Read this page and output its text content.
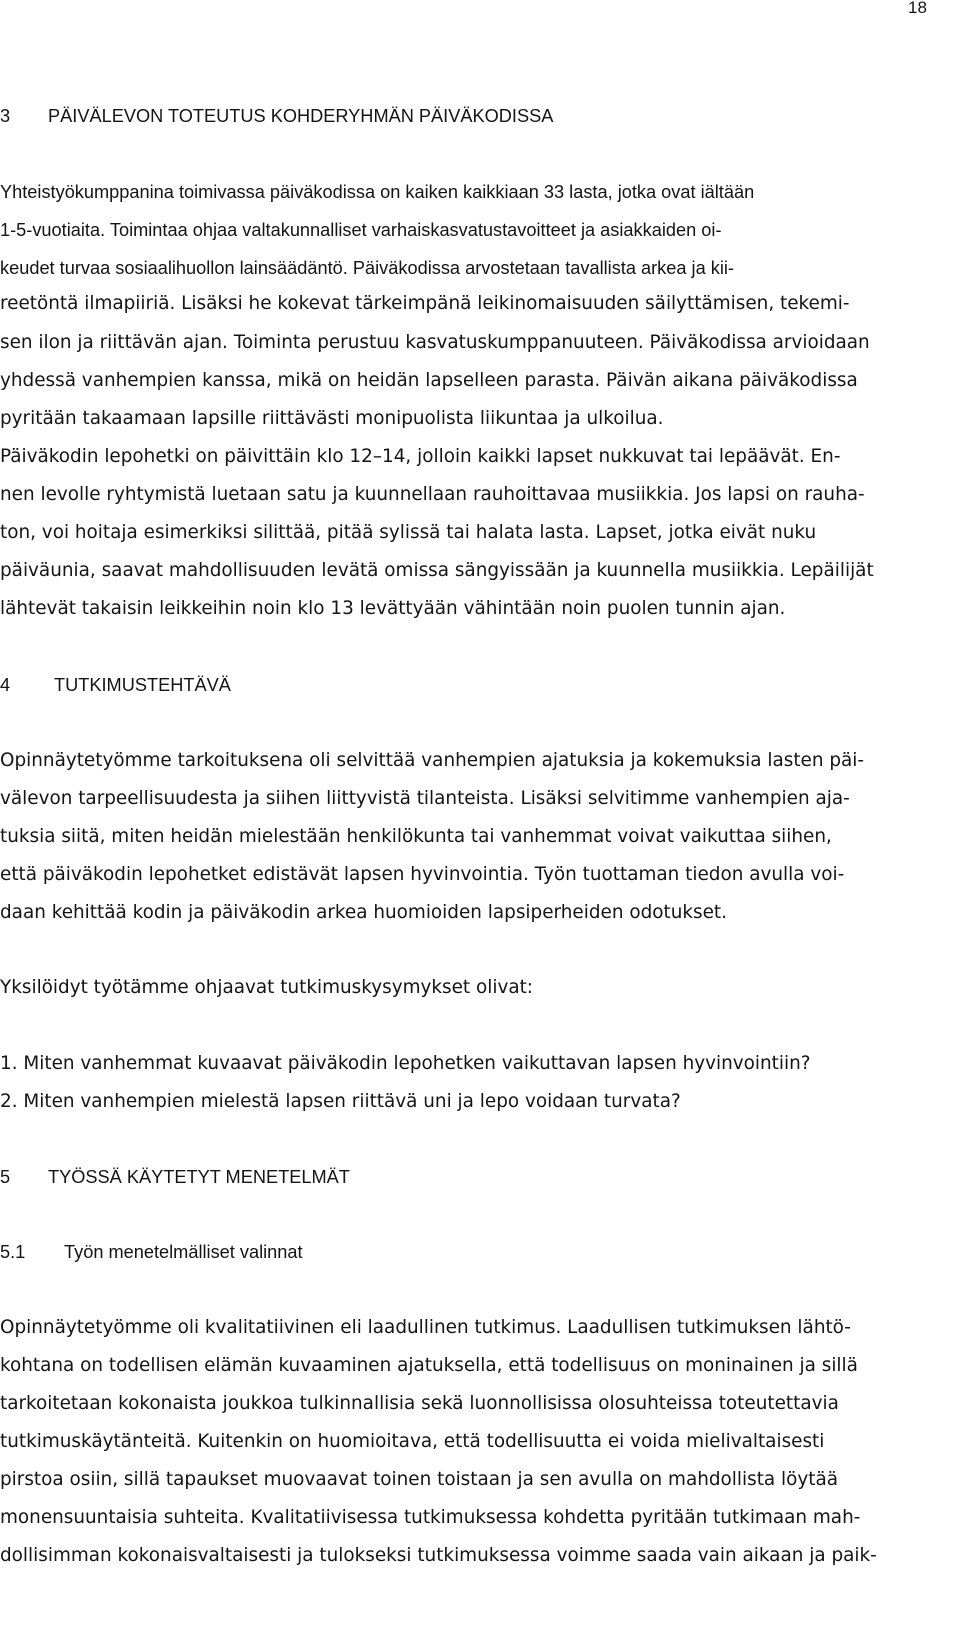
18
3 PÄIVÄLEVON TOTEUTUS KOHDERYHMÄN PÄIVÄKODISSA
Yhteistyökumppanina toimivassa päiväkodissa on kaiken kaikkiaan 33 lasta, jotka ovat iältään
1-5-vuotiaita. Toimintaa ohjaa valtakunnalliset varhaiskasvatustavoitteet ja asiakkaiden oi-
keudet turvaa sosiaalihuollon lainsäädäntö. Päiväkodissa arvostetaan tavallista arkea ja kii-
reetöntä ilmapiiriä. Lisäksi he kokevat tärkeimpänä leikinomaisuuden säilyttämisen, tekemi-
sen ilon ja riittävän ajan. Toiminta perustuu kasvatuskumppanuuteen. Päiväkodissa arvioidaan
yhdessä vanhempien kanssa, mikä on heidän lapselleen parasta. Päivän aikana päiväkodissa
pyritään takaamaan lapsille riittävästi monipuolista liikuntaa ja ulkoilua.
Päiväkodin lepohetki on päivittäin klo 12–14, jolloin kaikki lapset nukkuvat tai lepäävät. En-
nen levolle ryhtymistä luetaan satu ja kuunnellaan rauhoittavaa musiikkia. Jos lapsi on rauha-
ton, voi hoitaja esimerkiksi silittää, pitää sylissä tai halata lasta. Lapset, jotka eivät nuku
päiväunia, saavat mahdollisuuden levätä omissa sängyissään ja kuunnella musiikkia. Lepäilijät
lähtevät takaisin leikkeihin noin klo 13 levättyään vähintään noin puolen tunnin ajan.
4 TUTKIMUSTEHTÄVÄ
Opinnäytetyömme tarkoituksena oli selvittää vanhempien ajatuksia ja kokemuksia lasten päi-
välevon tarpeellisuudesta ja siihen liittyvistä tilanteista. Lisäksi selvitimme vanhempien aja-
tuksia siitä, miten heidän mielestään henkilökunta tai vanhemmat voivat vaikuttaa siihen,
että päiväkodin lepohetket edistävät lapsen hyvinvointia. Työn tuottaman tiedon avulla voi-
daan kehittää kodin ja päiväkodin arkea huomioiden lapsiperheiden odotukset.
Yksilöidyt työtämme ohjaavat tutkimuskysymykset olivat:
1. Miten vanhemmat kuvaavat päiväkodin lepohetken vaikuttavan lapsen hyvinvointiin?
2. Miten vanhempien mielestä lapsen riittävä uni ja lepo voidaan turvata?
5 TYÖSSÄ KÄYTETYT MENETELMÄT
5.1 Työn menetelmälliset valinnat
Opinnäytetyömme oli kvalitatiivinen eli laadullinen tutkimus. Laadullisen tutkimuksen lähtö-
kohtana on todellisen elämän kuvaaminen ajatuksella, että todellisuus on moninainen ja sillä
tarkoitetaan kokonaista joukkoa tulkinnallisia sekä luonnollisissa olosuhteissa toteutettavia
tutkimuskäytänteitä. Kuitenkin on huomioitava, että todellisuutta ei voida mielivaltaisesti
pirstoa osiin, sillä tapaukset muovaavat toinen toistaan ja sen avulla on mahdollista löytää
monensuuntaisia suhteita. Kvalitatiivisessa tutkimuksessa kohdetta pyritään tutkimaan mah-
dollisimman kokonaisvaltaisesti ja tulokseksi tutkimuksessa voimme saada vain aikaan ja paik-
